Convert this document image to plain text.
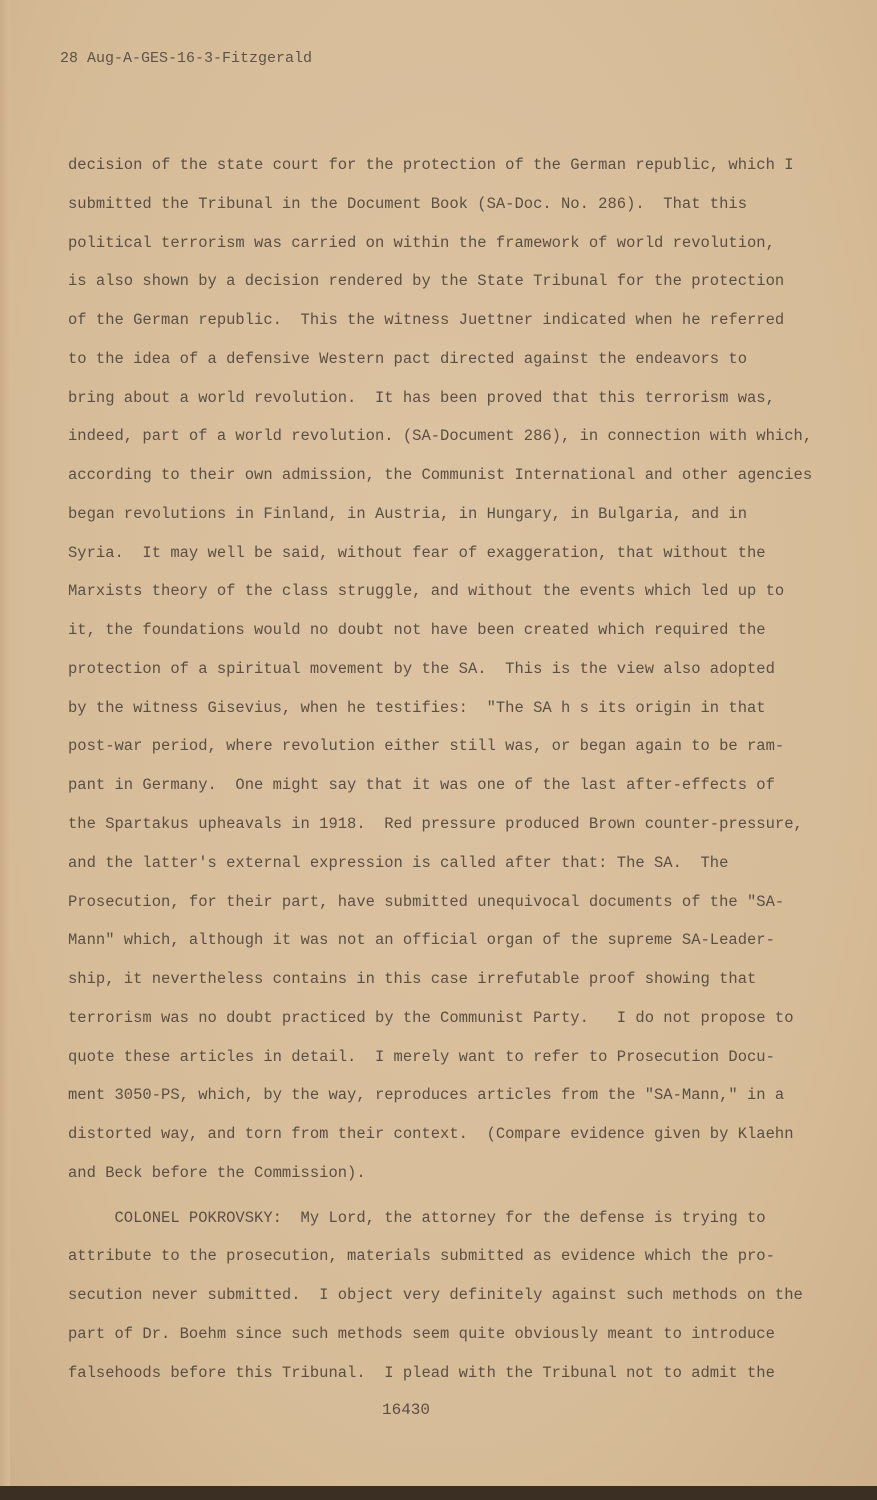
28 Aug-A-GES-16-3-Fitzgerald
decision of the state court for the protection of the German republic, which I
submitted the Tribunal in the Document Book (SA-Doc. No. 286).  That this
political terrorism was carried on within the framework of world revolution,
is also shown by a decision rendered by the State Tribunal for the protection
of the German republic.  This the witness Juettner indicated when he referred
to the idea of a defensive Western pact directed against the endeavors to
bring about a world revolution.  It has been proved that this terrorism was,
indeed, part of a world revolution. (SA-Document 286), in connection with which,
according to their own admission, the Communist International and other agencies
began revolutions in Finland, in Austria, in Hungary, in Bulgaria, and in
Syria.  It may well be said, without fear of exaggeration, that without the
Marxists theory of the class struggle, and without the events which led up to
it, the foundations would no doubt not have been created which required the
protection of a spiritual movement by the SA.  This is the view also adopted
by the witness Gisevius, when he testifies:  "The SA h s its origin in that
post-war period, where revolution either still was, or began again to be ram-
pant in Germany.  One might say that it was one of the last after-effects of
the Spartakus upheavals in 1918.  Red pressure produced Brown counter-pressure,
and the latter's external expression is called after that: The SA.  The
Prosecution, for their part, have submitted unequivocal documents of the "SA-
Mann" which, although it was not an official organ of the supreme SA-Leader-
ship, it nevertheless contains in this case irrefutable proof showing that
terrorism was no doubt practiced by the Communist Party.   I do not propose to
quote these articles in detail.  I merely want to refer to Prosecution Docu-
ment 3050-PS, which, by the way, reproduces articles from the "SA-Mann," in a
distorted way, and torn from their context.  (Compare evidence given by Klaehn
and Beck before the Commission).
COLONEL POKROVSKY:  My Lord, the attorney for the defense is trying to
attribute to the prosecution, materials submitted as evidence which the pro-
secution never submitted.  I object very definitely against such methods on the
part of Dr. Boehm since such methods seem quite obviously meant to introduce
falsehoods before this Tribunal.  I plead with the Tribunal not to admit the
16430
